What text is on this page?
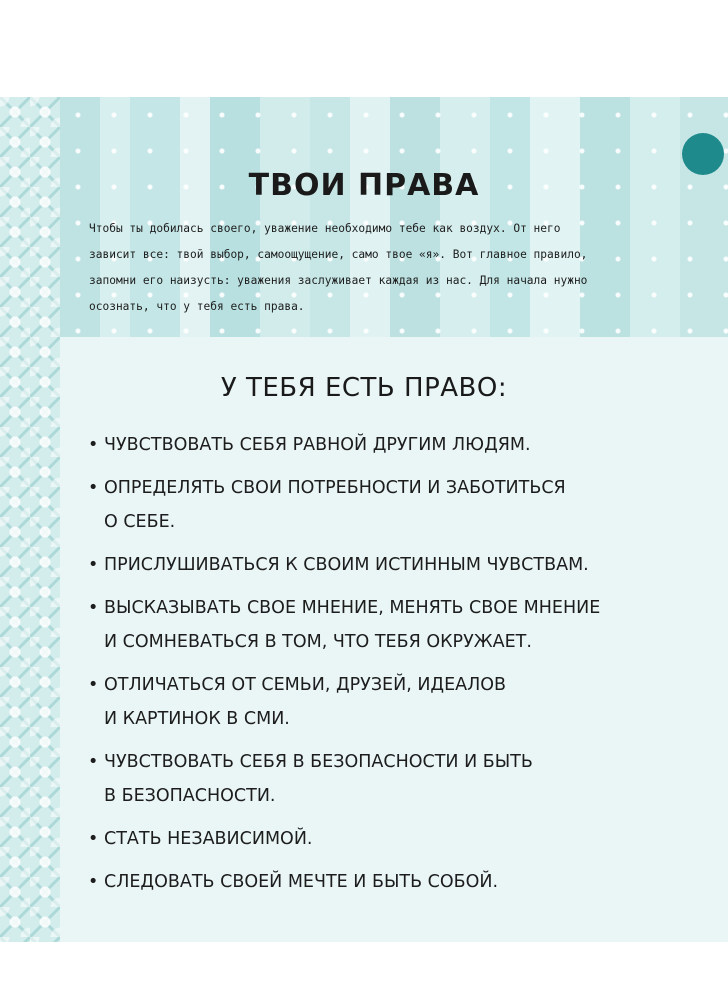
ТВОИ ПРАВА
Чтобы ты добилась своего, уважение необходимо тебе как воздух. От него
зависит все: твой выбор, самоощущение, само твое «я». Вот главное правило,
запомни его наизусть: уважения заслуживает каждая из нас. Для начала нужно
осознать, что у тебя есть права.
У ТЕБЯ ЕСТЬ ПРАВО:
• ЧУВСТВОВАТЬ СЕБЯ РАВНОЙ ДРУГИМ ЛЮДЯМ.
• ОПРЕДЕЛЯТЬ СВОИ ПОТРЕБНОСТИ И ЗАБОТИТЬСЯ
О СЕБЕ.
• ПРИСЛУШИВАТЬСЯ К СВОИМ ИСТИННЫМ ЧУВСТВАМ.
• ВЫСКАЗЫВАТЬ СВОЕ МНЕНИЕ, МЕНЯТЬ СВОЕ МНЕНИЕ
И СОМНЕВАТЬСЯ В ТОМ, ЧТО ТЕБЯ ОКРУЖАЕТ.
• ОТЛИЧАТЬСЯ ОТ СЕМЬИ, ДРУЗЕЙ, ИДЕАЛОВ
И КАРТИНОК В СМИ.
• ЧУВСТВОВАТЬ СЕБЯ В БЕЗОПАСНОСТИ И БЫТЬ
В БЕЗОПАСНОСТИ.
• СТАТЬ НЕЗАВИСИМОЙ.
• СЛЕДОВАТЬ СВОЕЙ МЕЧТЕ И БЫТЬ СОБОЙ.
